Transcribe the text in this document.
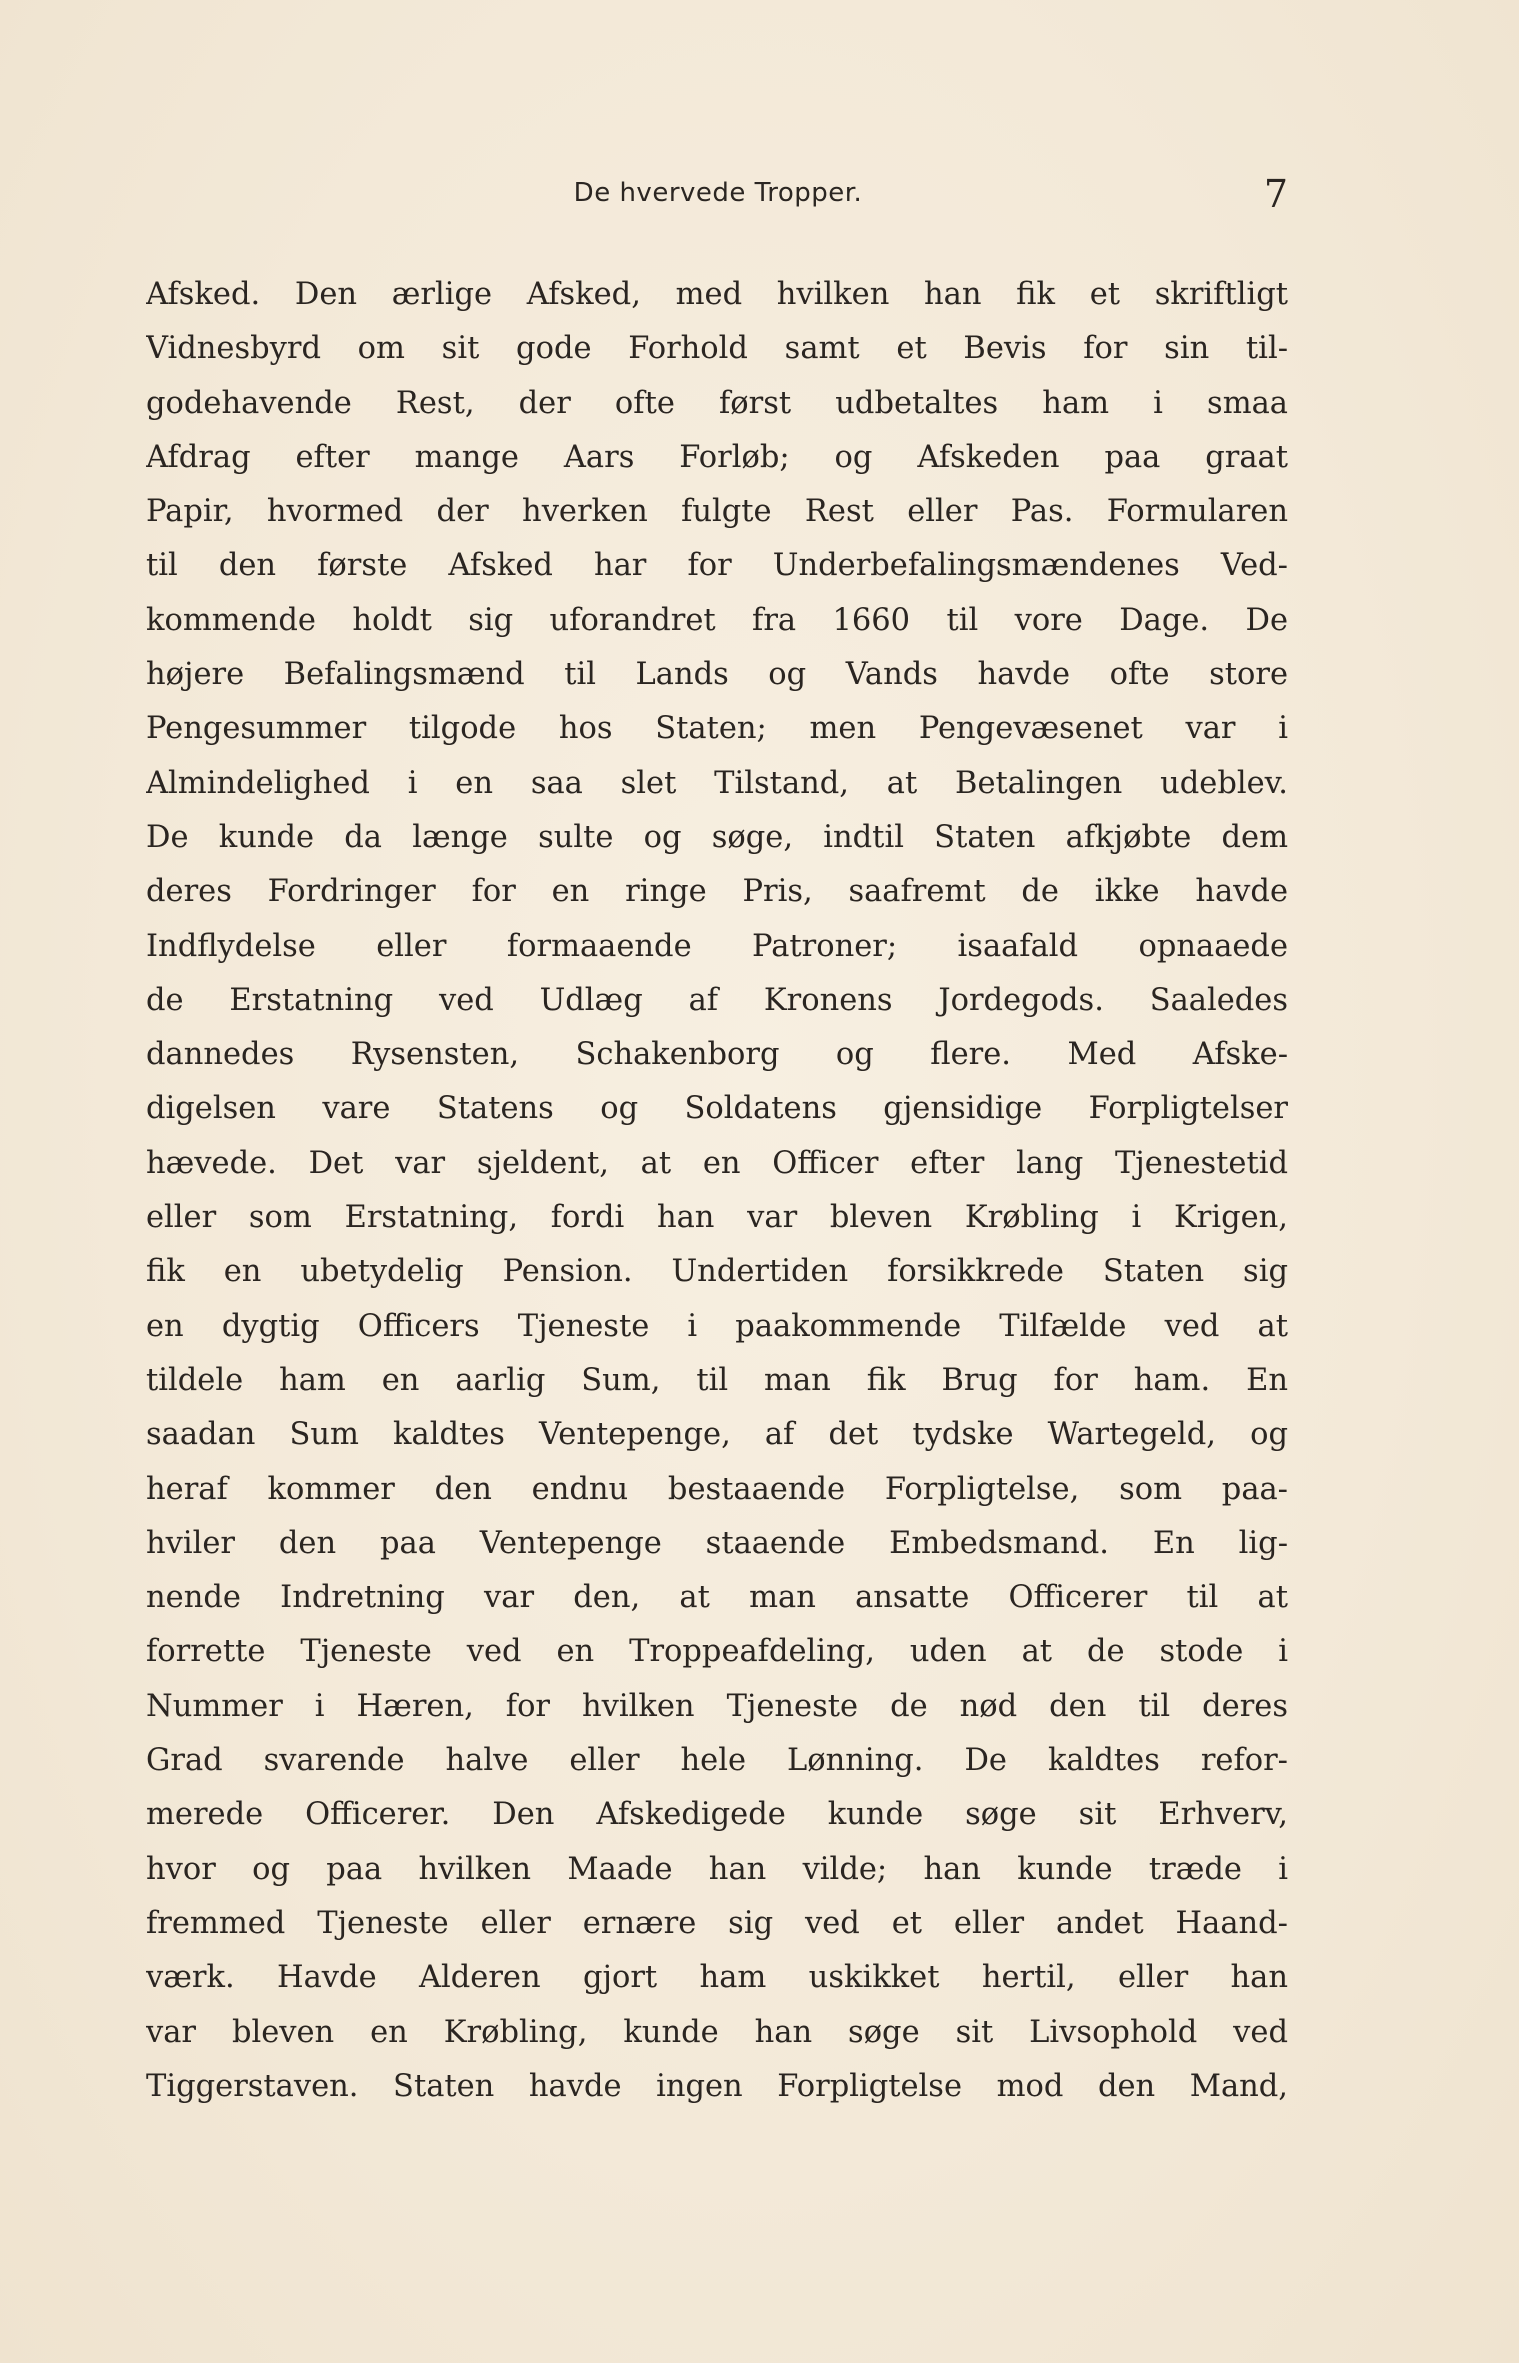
De hvervede Tropper.	7
Afsked. Den ærlige Afsked, med hvilken han fik et skriftligt
Vidnesbyrd om sit gode Forhold samt et Bevis for sin til-
godehavende Rest, der ofte først udbetaltes ham i smaa
Afdrag efter mange Aars Forløb; og Afskeden paa graat
Papir, hvormed der hverken fulgte Rest eller Pas. Formularen
til den første Afsked har for Underbefalingsmændenes Ved-
kommende holdt sig uforandret fra 1660 til vore Dage. De
højere Befalingsmænd til Lands og Vands havde ofte store
Pengesummer tilgode hos Staten; men Pengevæsenet var i
Almindelighed i en saa slet Tilstand, at Betalingen udeblev.
De kunde da længe sulte og søge, indtil Staten afkjøbte dem
deres Fordringer for en ringe Pris, saafremt de ikke havde
Indflydelse eller formaaende Patroner; isaafald opnaaede
de Erstatning ved Udlæg af Kronens Jordegods. Saaledes
dannedes Rysensten, Schakenborg og flere. Med Afske-
digelsen vare Statens og Soldatens gjensidige Forpligtelser
hævede. Det var sjeldent, at en Officer efter lang Tjenestetid
eller som Erstatning, fordi han var bleven Krøbling i Krigen,
fik en ubetydelig Pension. Undertiden forsikkrede Staten sig
en dygtig Officers Tjeneste i paakommende Tilfælde ved at
tildele ham en aarlig Sum, til man fik Brug for ham. En
saadan Sum kaldtes Ventepenge, af det tydske Wartegeld, og
heraf kommer den endnu bestaaende Forpligtelse, som paa-
hviler den paa Ventepenge staaende Embedsmand. En lig-
nende Indretning var den, at man ansatte Officerer til at
forrette Tjeneste ved en Troppeafdeling, uden at de stode i
Nummer i Hæren, for hvilken Tjeneste de nød den til deres
Grad svarende halve eller hele Lønning. De kaldtes refor-
merede Officerer. Den Afskedigede kunde søge sit Erhverv,
hvor og paa hvilken Maade han vilde; han kunde træde i
fremmed Tjeneste eller ernære sig ved et eller andet Haand-
værk. Havde Alderen gjort ham uskikket hertil, eller han
var bleven en Krøbling, kunde han søge sit Livsophold ved
Tiggerstaven. Staten havde ingen Forpligtelse mod den Mand,
